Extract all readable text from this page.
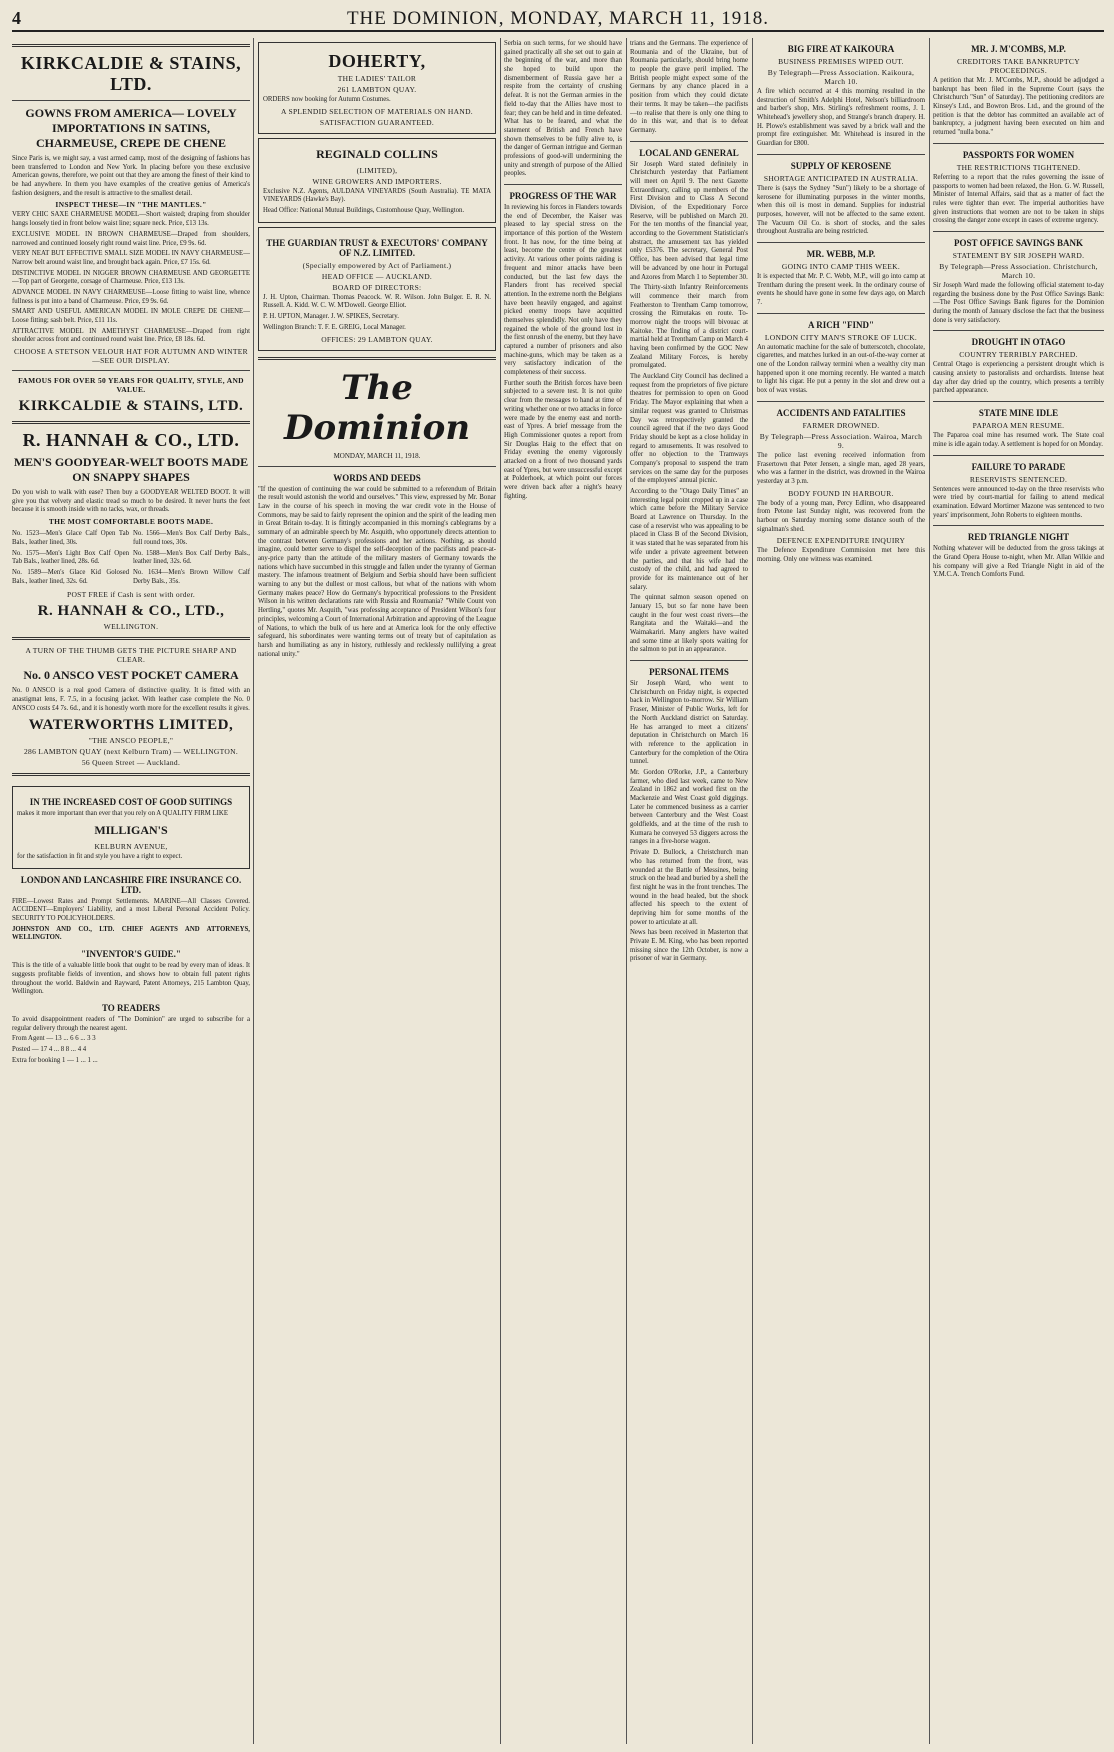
4	THE DOMINION, MONDAY, MARCH 11, 1918.
KIRKCALDIE & STAINS, LTD.
GOWNS FROM AMERICA— LOVELY IMPORTATIONS IN SATINS, CHARMEUSE, CREPE DE CHENE
Since Paris is, we might say, a vast armed camp, most of the designing of fashions has been transferred to London and New York. In placing before you these exclusive American gowns, therefore, we point out that they are among the finest of their kind to be had anywhere. In them you have examples of the creative genius of America's fashion designers, and the result is attractive to the smallest detail.
INSPECT THESE—IN "THE MANTLES."
VERY CHIC SAXE CHARMEUSE MODEL—Short waisted; draping from shoulder hangs loosely tied in front below waist line; square neck. Price, £13 13s.
EXCLUSIVE MODEL IN BROWN CHARMEUSE—Draped from shoulders, narrowed and continued loosely right round waist line. Price, £9 9s. 6d.
VERY NEAT BUT EFFECTIVE SMALL SIZE MODEL IN NAVY CHARMEUSE—Narrow belt around waist line, and brought back again. Price, £7 15s. 6d.
DISTINCTIVE MODEL IN NIGGER BROWN CHARMEUSE AND GEORGETTE—Top part of Georgette, corsage of Charmeuse. Price, £13 13s.
ADVANCE MODEL IN NAVY CHARMEUSE—Loose fitting to waist line, whence fullness is put into a band of Charmeuse. Price, £9 9s. 6d.
SMART AND USEFUL AMERICAN MODEL IN MOLE CREPE DE CHENE—Loose fitting; sash belt. Price, £11 11s.
ATTRACTIVE MODEL IN AMETHYST CHARMEUSE—Draped from right shoulder across front and continued round waist line. Price, £8 18s. 6d.
CHOOSE A STETSON VELOUR HAT FOR AUTUMN AND WINTER—SEE OUR DISPLAY.
FAMOUS FOR OVER 50 YEARS FOR QUALITY, STYLE, AND VALUE.
KIRKCALDIE & STAINS, LTD.
R. HANNAH & CO., LTD.
MEN'S GOODYEAR-WELT BOOTS MADE ON SNAPPY SHAPES
Do you wish to walk with ease? Then buy a GOODYEAR WELTED BOOT. It will give you that velvety and elastic tread so much to be desired. It never hurts the feet because it is smooth inside with no tacks, wax, or threads.
THE MOST COMFORTABLE BOOTS MADE.
No. 1523—Men's Glace Calf Open Tab Bals., leather lined, 30s.
No. 1575—Men's Light Box Calf Open Tab Bals., leather lined, 28s. 6d.
No. 1589—Men's Glace Kid Golosed Bals., leather lined, 32s. 6d.
No. 1566—Men's Box Calf Derby Bals., full round toes, 30s.
No. 1588—Men's Box Calf Derby Bals., leather lined, 32s. 6d.
No. 1634—Men's Brown Willow Calf Derby Bals., 35s.
POST FREE if Cash is sent with order.
R. HANNAH & CO., LTD.,
WELLINGTON.
A TURN OF THE THUMB GETS THE PICTURE SHARP AND CLEAR.
No. 0 ANSCO VEST POCKET CAMERA
No. 0 ANSCO is a real good Camera of distinctive quality. It is fitted with an anastigmat lens, F. 7.5, in a focusing jacket. With leather case complete the No. 0 ANSCO costs £4 7s. 6d., and it is honestly worth more for the excellent results it gives.
WATERWORTHS LIMITED,
"THE ANSCO PEOPLE,"
286 LAMBTON QUAY (next Kelburn Tram) — WELLINGTON.
56 Queen Street — Auckland.
IN THE INCREASED COST OF GOOD SUITINGS
makes it more important than ever that you rely on A QUALITY FIRM LIKE
MILLIGAN'S
KELBURN AVENUE,
for the satisfaction in fit and style you have a right to expect.
LONDON AND LANCASHIRE FIRE INSURANCE CO. LTD.
FIRE—Lowest Rates and Prompt Settlements. MARINE—All Classes Covered. ACCIDENT—Employers' Liability, and a most Liberal Personal Accident Policy. SECURITY TO POLICYHOLDERS.
JOHNSTON AND CO., LTD. CHIEF AGENTS AND ATTORNEYS, WELLINGTON.
"INVENTOR'S GUIDE."
This is the title of a valuable little book that ought to be read by every man of ideas. It suggests profitable fields of invention, and shows how to obtain full patent rights throughout the world. Baldwin and Rayward, Patent Attorneys, 215 Lambton Quay, Wellington.
TO READERS
To avoid disappointment readers of "The Dominion" are urged to subscribe for a regular delivery through the nearest agent.
From Agent — 13 ... 6 6 ... 3 3
Posted — 17 4 ... 8 8 ... 4 4
Extra for booking 1 — 1 ... 1 ...
DOHERTY,
THE LADIES' TAILOR
261 LAMBTON QUAY.
ORDERS now booking for Autumn Costumes.
A SPLENDID SELECTION OF MATERIALS ON HAND.
SATISFACTION GUARANTEED.
REGINALD COLLINS
(LIMITED),
WINE GROWERS AND IMPORTERS.
Exclusive N.Z. Agents, AULDANA VINEYARDS (South Australia). TE MATA VINEYARDS (Hawke's Bay).
Head Office: National Mutual Buildings, Customhouse Quay, Wellington.
THE GUARDIAN TRUST & EXECUTORS' COMPANY OF N.Z. LIMITED.
(Specially empowered by Act of Parliament.)
HEAD OFFICE — AUCKLAND.
BOARD OF DIRECTORS:
J. H. Upton, Chairman. Thomas Peacock. W. R. Wilson. John Bulger. E. R. N. Russell. A. Kidd. W. C. W. M'Dowell. George Elliot.
P. H. UPTON, Manager. J. W. SPIKES, Secretary.
Wellington Branch: T. F. E. GREIG, Local Manager.
OFFICES: 29 LAMBTON QUAY.
The Dominion
MONDAY, MARCH 11, 1918.
WORDS AND DEEDS
"If the question of continuing the war could be submitted to a referendum of Britain the result would astonish the world and ourselves." This view, expressed by Mr. Bonar Law in the course of his speech in moving the war credit vote in the House of Commons, may be said to fairly represent the opinion and the spirit of the leading men in Great Britain to-day. It is fittingly accompanied in this morning's cablegrams by a summary of an admirable speech by Mr. Asquith, who opportunely directs attention to the contrast between Germany's professions and her actions. Nothing, as should imagine, could better serve to dispel the self-deception of the pacifists and peace-at-any-price party than the attitude of the military masters of Germany towards the nations which have succumbed in this struggle and fallen under the tyranny of German mastery. The infamous treatment of Belgium and Serbia should have been sufficient warning to any but the dullest or most callous, but what of the nations with whom Germany makes peace? How do Germany's hypocritical professions to the President Wilson in his written declarations rate with Russia and Roumania? "While Count von Hertling," quotes Mr. Asquith, "was professing acceptance of President Wilson's four principles, welcoming a Court of International Arbitration and approving of the League of Nations, to which the bulk of us here and at America look for the only effective safeguard, his subordinates were wanting terms out of treaty but of capitulation as harsh and humiliating as any in history, ruthlessly and recklessly nullifying a great national unity."
Serbia on such terms, for we should have gained practically all she set out to gain at the beginning of the war, and more than she hoped to build upon the dismemberment of Russia gave her a respite from the certainty of crushing defeat. It is not the German armies in the field to-day that the Allies have most to fear; they can be held and in time defeated. What has to be feared, and what the statement of British and French have shown themselves to be fully alive to, is the danger of German intrigue and German professions of good-will undermining the unity and strength of purpose of the Allied peoples.
PROGRESS OF THE WAR
In reviewing his forces in Flanders towards the end of December, the Kaiser was pleased to lay special stress on the importance of this portion of the Western front. It has now, for the time being at least, become the centre of the greatest activity. At various other points raiding is frequent and minor attacks have been conducted, but the last few days the Flanders front has received special attention. In the extreme north the Belgians have been heavily engaged, and against picked enemy troops have acquitted themselves splendidly. Not only have they regained the whole of the ground lost in the first onrush of the enemy, but they have captured a number of prisoners and also machine-guns, which may be taken as a very satisfactory indication of the completeness of their success.
Further south the British forces have been subjected to a severe test. It is not quite clear from the messages to hand at time of writing whether one or two attacks in force were made by the enemy east and north-east of Ypres. A brief message from the High Commissioner quotes a report from Sir Douglas Haig to the effect that on Friday evening the enemy vigorously attacked on a front of two thousand yards east of Ypres, but were unsuccessful except at Polderhoek, at which point our forces were driven back after a night's heavy fighting.
trians and the Germans. The experience of Roumania and of the Ukraine, but of Roumania particularly, should bring home to people the grave peril implied. The British people might expect some of the Germans by any chance placed in a position from which they could dictate their terms. It may be taken—the pacifists—to realise that there is only one thing to do in this war, and that is to defeat Germany.
LOCAL AND GENERAL
Sir Joseph Ward stated definitely in Christchurch yesterday that Parliament will meet on April 9. The next Gazette Extraordinary, calling up members of the First Division and to Class A Second Division, of the Expeditionary Force Reserve, will be published on March 20. For the ten months of the financial year, according to the Government Statistician's abstract, the amusement tax has yielded only £5376. The secretary, General Post Office, has been advised that legal time will be advanced by one hour in Portugal and Azores from March 1 to September 30.
The Thirty-sixth Infantry Reinforcements will commence their march from Featherston to Trentham Camp tomorrow, crossing the Rimutakas en route. To-morrow night the troops will bivouac at Kaitoke. The finding of a district court-martial held at Trentham Camp on March 4 having been confirmed by the GOC New Zealand Military Forces, is hereby promulgated.
The Auckland City Council has declined a request from the proprietors of five picture theatres for permission to open on Good Friday. The Mayor explaining that when a similar request was granted to Christmas Day was retrospectively granted the council agreed that if the two days Good Friday should be kept as a close holiday in regard to amusements. It was resolved to offer no objection to the Tramways Company's proposal to suspend the tram services on the same day for the purposes of the employees' annual picnic.
According to the "Otago Daily Times" an interesting legal point cropped up in a case which came before the Military Service Board at Lawrence on Thursday. In the case of a reservist who was appealing to be placed in Class B of the Second Division, it was stated that he was separated from his wife under a private agreement between the parties, and that his wife had the custody of the child, and had agreed to provide for its maintenance out of her salary.
The quinnat salmon season opened on January 15, but so far none have been caught in the four west coast rivers—the Rangitata and the Waitaki—and the Waimakariri. Many anglers have waited and some time at likely spots waiting for the salmon to put in an appearance.
PERSONAL ITEMS
Sir Joseph Ward, who went to Christchurch on Friday night, is expected back in Wellington to-morrow. Sir William Fraser, Minister of Public Works, left for the North Auckland district on Saturday. He has arranged to meet a citizens' deputation in Christchurch on March 16 with reference to the application in Canterbury for the completion of the Otira tunnel.
Mr. Gordon O'Rorke, J.P., a Canterbury farmer, who died last week, came to New Zealand in 1862 and worked first on the Mackenzie and West Coast gold diggings. Later he commenced business as a carrier between Canterbury and the West Coast goldfields, and at the time of the rush to Kumara he conveyed 53 diggers across the ranges in a five-horse wagon.
Private D. Bullock, a Christchurch man who has returned from the front, was wounded at the Battle of Messines, being struck on the head and buried by a shell the first night he was in the front trenches. The wound in the head healed, but the shock affected his speech to the extent of depriving him for some months of the power to articulate at all.
News has been received in Masterton that Private E. M. King, who has been reported missing since the 12th October, is now a prisoner of war in Germany.
MR. J. M'COMBS, M.P.
CREDITORS TAKE BANKRUPTCY PROCEEDINGS.
A petition that Mr. J. M'Combs, M.P., should be adjudged a bankrupt has been filed in the Supreme Court (says the Christchurch "Sun" of Saturday). The petitioning creditors are Kinsey's Ltd., and Bowron Bros. Ltd., and the ground of the petition is that the debtor has committed an available act of bankruptcy, a judgment having been executed on him and returned "nulla bona."
PASSPORTS FOR WOMEN
THE RESTRICTIONS TIGHTENED.
Referring to a report that the rules governing the issue of passports to women had been relaxed, the Hon. G. W. Russell, Minister of Internal Affairs, said that as a matter of fact the rules were tighter than ever. The imperial authorities have given instructions that women are not to be taken in ships crossing the danger zone except in cases of extreme urgency.
POST OFFICE SAVINGS BANK
STATEMENT BY SIR JOSEPH WARD.
By Telegraph—Press Association. Christchurch, March 10.
Sir Joseph Ward made the following official statement to-day regarding the business done by the Post Office Savings Bank:—The Post Office Savings Bank figures for the Dominion during the month of January disclose the fact that the business done is very satisfactory.
DROUGHT IN OTAGO
COUNTRY TERRIBLY PARCHED.
Central Otago is experiencing a persistent drought which is causing anxiety to pastoralists and orchardists. Intense heat day after day dried up the country, which presents a terribly parched appearance.
STATE MINE IDLE
PAPAROA MEN RESUME.
The Paparoa coal mine has resumed work. The State coal mine is idle again today. A settlement is hoped for on Monday.
FAILURE TO PARADE
RESERVISTS SENTENCED.
Sentences were announced to-day on the three reservists who were tried by court-martial for failing to attend medical examination. Edward Mortimer Mazone was sentenced to two years' imprisonment, John Roberts to eighteen months.
RED TRIANGLE NIGHT
Nothing whatever will be deducted from the gross takings at the Grand Opera House to-night, when Mr. Allan Wilkie and his company will give a Red Triangle Night in aid of the Y.M.C.A. Trench Comforts Fund.
BIG FIRE AT KAIKOURA
BUSINESS PREMISES WIPED OUT.
By Telegraph—Press Association. Kaikoura, March 10.
A fire which occurred at 4 this morning resulted in the destruction of Smith's Adelphi Hotel, Nelson's billiardroom and barber's shop, Mrs. Stirling's refreshment rooms, J. I. Whitehead's jewellery shop, and Strange's branch drapery. H. H. Plowe's establishment was saved by a brick wall and the prompt fire extinguisher. Mr. Whitehead is insured in the Guardian for £800.
SUPPLY OF KEROSENE
SHORTAGE ANTICIPATED IN AUSTRALIA.
There is (says the Sydney "Sun") likely to be a shortage of kerosene for illuminating purposes in the winter months, when this oil is most in demand. Supplies for industrial purposes, however, will not be affected to the same extent. The Vacuum Oil Co. is short of stocks, and the sales throughout Australia are being restricted.
MR. WEBB, M.P.
GOING INTO CAMP THIS WEEK.
It is expected that Mr. P. C. Webb, M.P., will go into camp at Trentham during the present week. In the ordinary course of events he should have gone in some few days ago, on March 7.
A RICH "FIND"
LONDON CITY MAN'S STROKE OF LUCK.
An automatic machine for the sale of butterscotch, chocolate, cigarettes, and matches lurked in an out-of-the-way corner at one of the London railway termini when a wealthy city man happened upon it one morning recently. He wanted a match to light his cigar. He put a penny in the slot and drew out a box of wax vestas.
ACCIDENTS AND FATALITIES
FARMER DROWNED.
By Telegraph—Press Association. Wairoa, March 9.
The police last evening received information from Frasertown that Peter Jensen, a single man, aged 28 years, who was a farmer in the district, was drowned in the Wairoa yesterday at 3 p.m.
BODY FOUND IN HARBOUR.
The body of a young man, Percy Edlinn, who disappeared from Petone last Sunday night, was recovered from the harbour on Saturday morning some distance south of the signalman's shed.
DEFENCE EXPENDITURE INQUIRY
The Defence Expenditure Commission met here this morning. Only one witness was examined.
